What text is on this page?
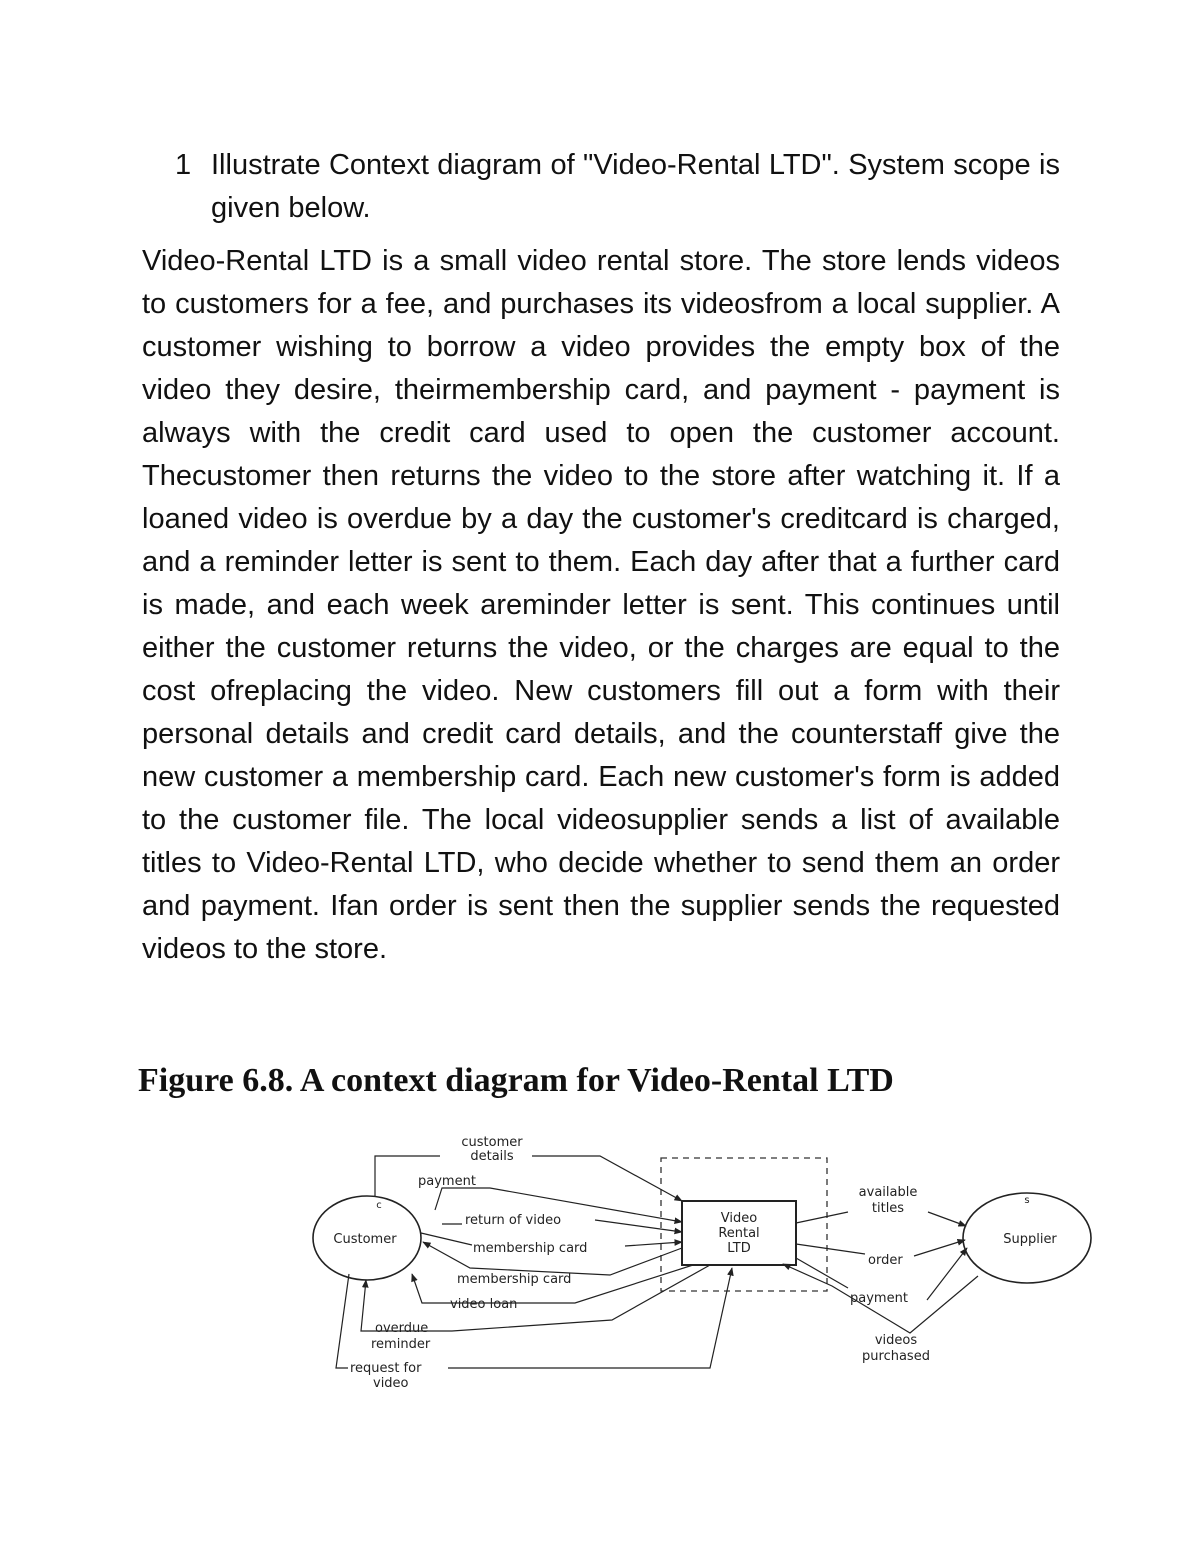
1 Illustrate Context diagram of "Video-Rental LTD". System scope is given below.
Video-Rental LTD is a small video rental store. The store lends videos to customers for a fee, and purchases its videosfrom a local supplier. A customer wishing to borrow a video provides the empty box of the video they desire, theirmembership card, and payment - payment is always with the credit card used to open the customer account. Thecustomer then returns the video to the store after watching it. If a loaned video is overdue by a day the customer's creditcard is charged, and a reminder letter is sent to them. Each day after that a further card is made, and each week areminder letter is sent. This continues until either the customer returns the video, or the charges are equal to the cost ofreplacing the video. New customers fill out a form with their personal details and credit card details, and the counterstaff give the new customer a membership card. Each new customer's form is added to the customer file. The local videosupplier sends a list of available titles to Video-Rental LTD, who decide whether to send them an order and payment. Ifan order is sent then the supplier sends the requested videos to the store.
Figure 6.8. A context diagram for Video-Rental LTD
Video
Rental
LTD
c
Customer
s
Supplier
customer
details
payment
return of video
membership card
membership card
video loan
overdue
reminder
request for
video
available
titles
order
payment
videos
purchased
